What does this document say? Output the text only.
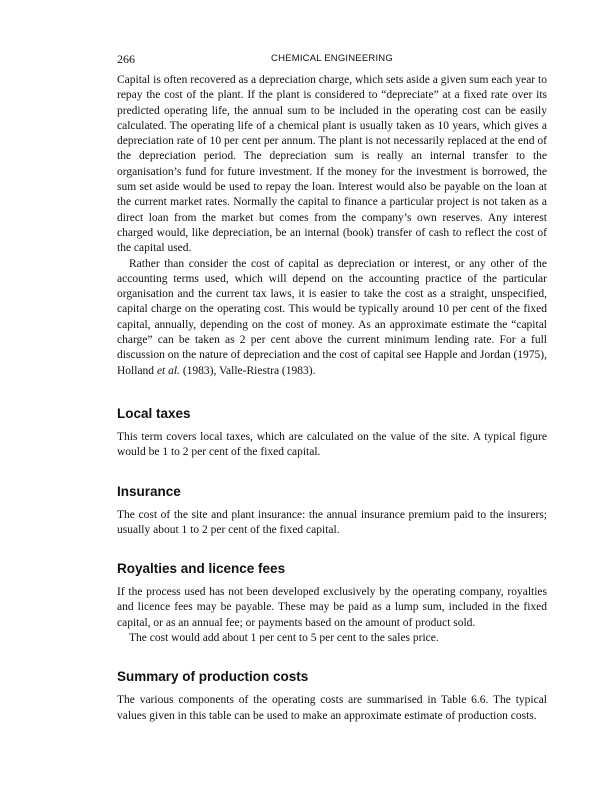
266	CHEMICAL ENGINEERING

Capital is often recovered as a depreciation charge, which sets aside a given sum each year to repay the cost of the plant. If the plant is considered to “depreciate” at a fixed rate over its predicted operating life, the annual sum to be included in the operating cost can be easily calculated. The operating life of a chemical plant is usually taken as 10 years, which gives a depreciation rate of 10 per cent per annum. The plant is not necessarily replaced at the end of the depreciation period. The depreciation sum is really an internal transfer to the organisation’s fund for future investment. If the money for the investment is borrowed, the sum set aside would be used to repay the loan. Interest would also be payable on the loan at the current market rates. Normally the capital to finance a particular project is not taken as a direct loan from the market but comes from the company’s own reserves. Any interest charged would, like depreciation, be an internal (book) transfer of cash to reflect the cost of the capital used.

Rather than consider the cost of capital as depreciation or interest, or any other of the accounting terms used, which will depend on the accounting practice of the particular organisation and the current tax laws, it is easier to take the cost as a straight, unspecified, capital charge on the operating cost. This would be typically around 10 per cent of the fixed capital, annually, depending on the cost of money. As an approximate estimate the “capital charge” can be taken as 2 per cent above the current minimum lending rate. For a full discussion on the nature of depreciation and the cost of capital see Happle and Jordan (1975), Holland et al. (1983), Valle-Riestra (1983).

Local taxes

This term covers local taxes, which are calculated on the value of the site. A typical figure would be 1 to 2 per cent of the fixed capital.

Insurance

The cost of the site and plant insurance: the annual insurance premium paid to the insurers; usually about 1 to 2 per cent of the fixed capital.

Royalties and licence fees

If the process used has not been developed exclusively by the operating company, royalties and licence fees may be payable. These may be paid as a lump sum, included in the fixed capital, or as an annual fee; or payments based on the amount of product sold.

The cost would add about 1 per cent to 5 per cent to the sales price.

Summary of production costs

The various components of the operating costs are summarised in Table 6.6. The typical values given in this table can be used to make an approximate estimate of production costs.
